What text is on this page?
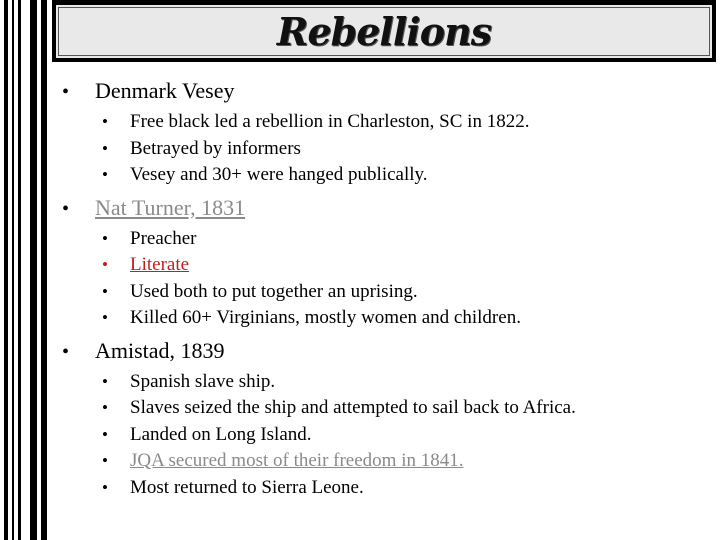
Rebellions
•	Denmark Vesey
•	Free black led a rebellion in Charleston, SC in 1822.
•	Betrayed by informers
•	Vesey and 30+ were hanged publically.
•	Nat Turner, 1831
•	Preacher
•	Literate
•	Used both to put together an uprising.
•	Killed 60+ Virginians, mostly women and children.
•	Amistad, 1839
•	Spanish slave ship.
•	Slaves seized the ship and attempted to sail back to Africa.
•	Landed on Long Island.
•	JQA secured most of their freedom in 1841.
•	Most returned to Sierra Leone.
